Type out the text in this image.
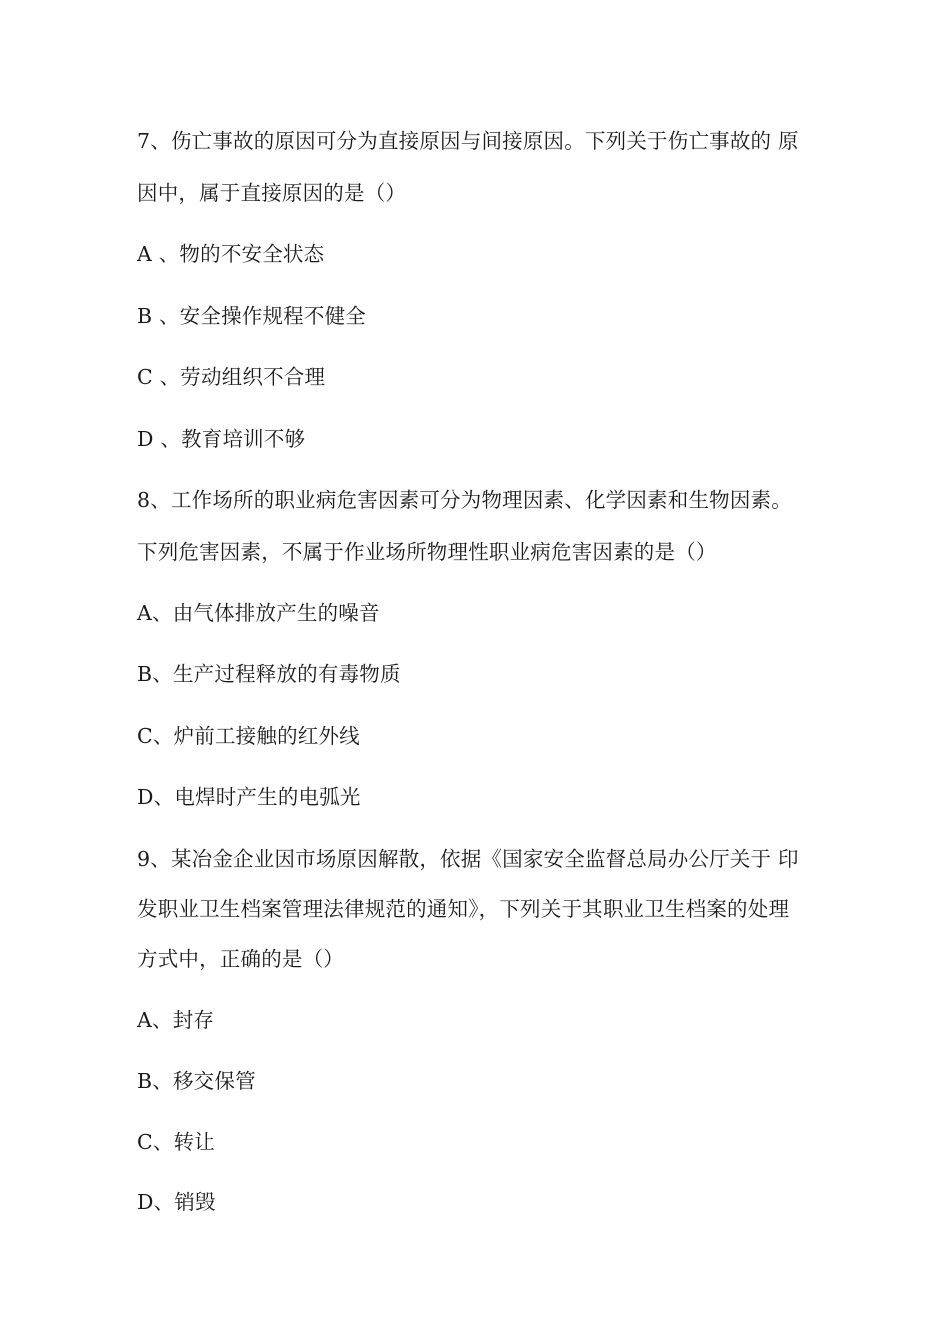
7、伤亡事故的原因可分为直接原因与间接原因。下列关于伤亡事故的 原
因中，属于直接原因的是（）
A 、物的不安全状态
B 、安全操作规程不健全
C 、劳动组织不合理
D 、教育培训不够
8、工作场所的职业病危害因素可分为物理因素、化学因素和生物因素。
下列危害因素，不属于作业场所物理性职业病危害因素的是（）
A、由气体排放产生的噪音
B、生产过程释放的有毒物质
C、炉前工接触的红外线
D、电焊时产生的电弧光
9、某冶金企业因市场原因解散，依据《国家安全监督总局办公厅关于 印
发职业卫生档案管理法律规范的通知》，下列关于其职业卫生档案的处理
方式中，正确的是（）
A、封存
B、移交保管
C、转让
D、销毁
